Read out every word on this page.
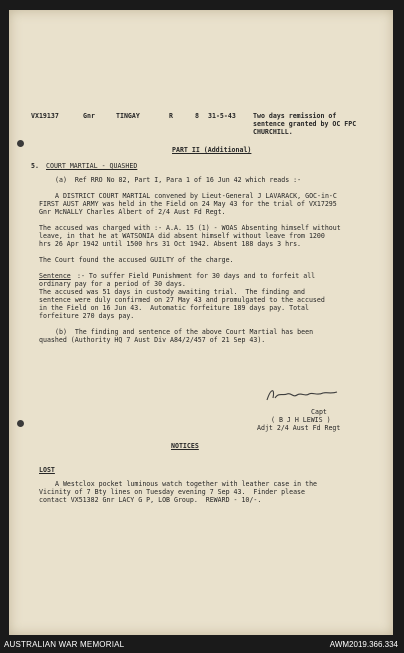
VX19137	Gnr	TINGAY	R	8 31-5-43	Two days remission of
sentence granted by OC FPC
CHURCHILL.
PART II (Additional)
5. COURT MARTIAL - QUASHED
(a)  Ref RRO No 82, Part I, Para 1 of 16 Jun 42 which reads :-
A DISTRICT COURT MARTIAL convened by Lieut-General J LAVARACK, GOC-in-C
FIRST AUST ARMY was held in the Field on 24 May 43 for the trial of VX17295
Gnr McNALLY Charles Albert of 2/4 Aust Fd Regt.
The accused was charged with :- A.A. 15 (1) - WOAS Absenting himself without
leave, in that he at WATSONIA did absent himself without leave from 1200
hrs 26 Apr 1942 until 1500 hrs 31 Oct 1942. Absent 188 days 3 hrs.
The Court found the accused GUILTY of the charge.
Sentence :- To suffer Field Punishment for 30 days and to forfeit all
ordinary pay for a period of 30 days.
The accused was 51 days in custody awaiting trial.  The finding and
sentence were duly confirmed on 27 May 43 and promulgated to the accused
in the Field on 16 Jun 43.  Automatic forfeiture 189 days pay. Total
forfeiture 270 days pay.
(b)  The finding and sentence of the above Court Martial has been
quashed (Authority HQ 7 Aust Div A84/2/457 of 21 Sep 43).
Capt
( B J H LEWIS )
Adjt 2/4 Aust Fd Regt
NOTICES
LOST
A Westclox pocket luminous watch together with leather case in the
Vicinity of 7 Bty lines on Tuesday evening 7 Sep 43.  Finder please
contact VX51382 Gnr LACY G P, LOB Group.  REWARD - 10/-.
AUSTRALIAN WAR MEMORIAL	AWM2019.366.334
